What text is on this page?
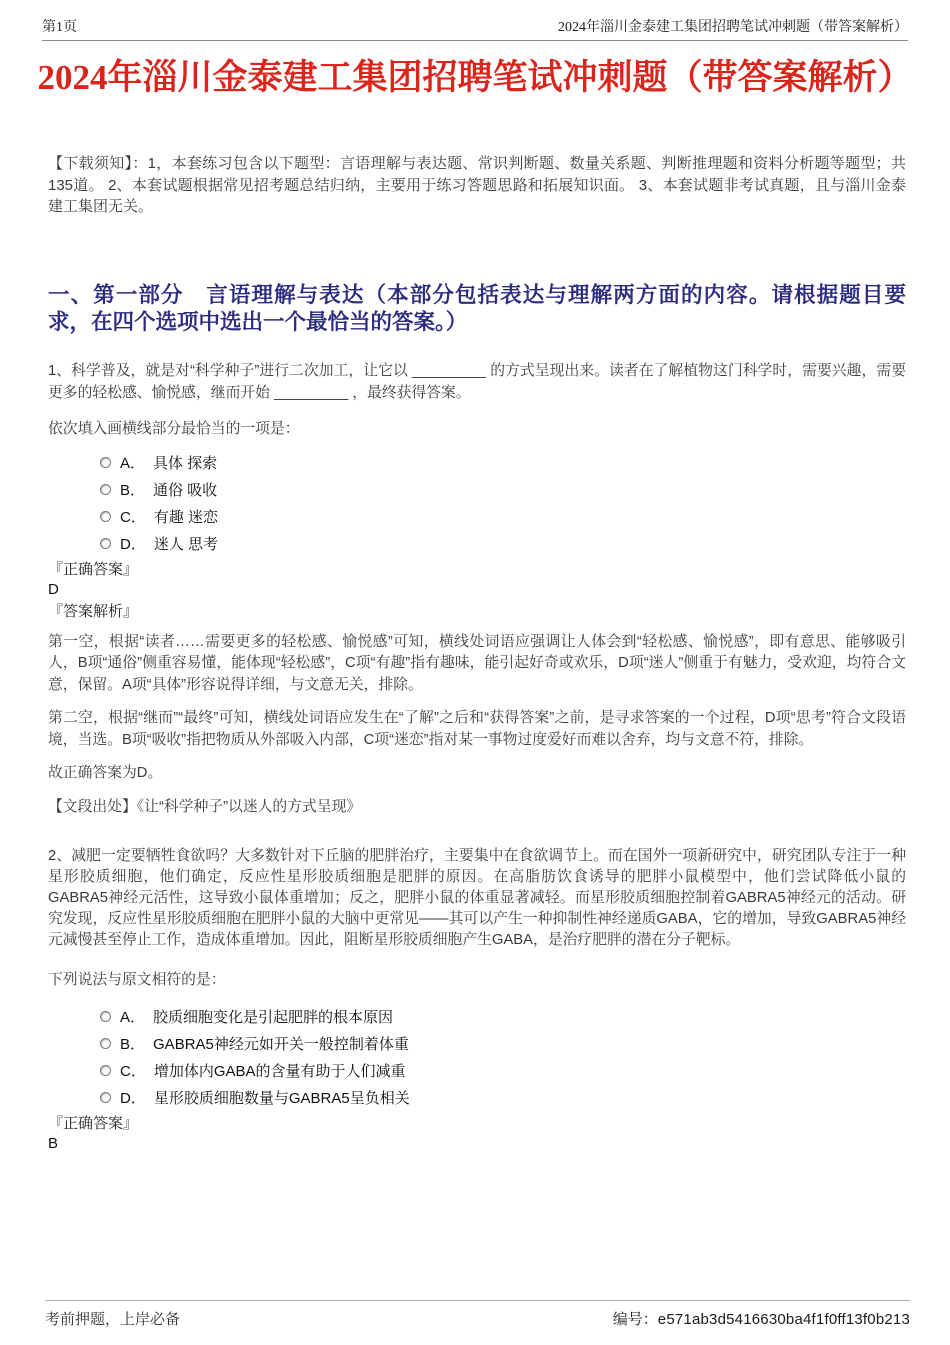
第1页	2024年淄川金泰建工集团招聘笔试冲刺题（带答案解析）
2024年淄川金泰建工集团招聘笔试冲刺题（带答案解析）

【下载须知】：1，本套练习包含以下题型：言语理解与表达题、常识判断题、数量关系题、判断推理题和资料分析题等题型；共135道。 2、本套试题根据常见招考题总结归纳，主要用于练习答题思路和拓展知识面。 3、本套试题非考试真题，且与淄川金泰建工集团无关。

一、第一部分　言语理解与表达（本部分包括表达与理解两方面的内容。请根据题目要求，在四个选项中选出一个最恰当的答案。）

1、科学普及，就是对“科学种子”进行二次加工，让它以 _________ 的方式呈现出来。读者在了解植物这门科学时，需要兴趣，需要更多的轻松感、愉悦感，继而开始 _________ ，最终获得答案。

依次填入画横线部分最恰当的一项是：

A． 具体 探索
B． 通俗 吸收
C． 有趣 迷恋
D． 迷人 思考

『正确答案』

D

『答案解析』

第一空，根据“读者……需要更多的轻松感、愉悦感”可知，横线处词语应强调让人体会到“轻松感、愉悦感”，即有意思、能够吸引人，B项“通俗”侧重容易懂，能体现“轻松感”，C项“有趣”指有趣味，能引起好奇或欢乐，D项“迷人”侧重于有魅力，受欢迎，均符合文意，保留。A项“具体”形容说得详细，与文意无关，排除。

第二空，根据“继而”“最终”可知，横线处词语应发生在“了解”之后和“获得答案”之前，是寻求答案的一个过程，D项“思考”符合文段语境，当选。B项“吸收”指把物质从外部吸入内部，C项“迷恋”指对某一事物过度爱好而难以舍弃，均与文意不符，排除。

故正确答案为D。

【文段出处】《让“科学种子”以迷人的方式呈现》

2、减肥一定要牺牲食欲吗？大多数针对下丘脑的肥胖治疗，主要集中在食欲调节上。而在国外一项新研究中，研究团队专注于一种星形胶质细胞，他们确定，反应性星形胶质细胞是肥胖的原因。在高脂肪饮食诱导的肥胖小鼠模型中，他们尝试降低小鼠的GABRA5神经元活性，这导致小鼠体重增加；反之，肥胖小鼠的体重显著减轻。而星形胶质细胞控制着GABRA5神经元的活动。研究发现，反应性星形胶质细胞在肥胖小鼠的大脑中更常见——其可以产生一种抑制性神经递质GABA，它的增加，导致GABRA5神经元减慢甚至停止工作，造成体重增加。因此，阻断星形胶质细胞产生GABA，是治疗肥胖的潜在分子靶标。

下列说法与原文相符的是：

A． 胶质细胞变化是引起肥胖的根本原因
B． GABRA5神经元如开关一般控制着体重
C． 增加体内GABA的含量有助于人们减重
D． 星形胶质细胞数量与GABRA5呈负相关

『正确答案』

B

考前押题，上岸必备	编号：e571ab3d5416630ba4f1f0ff13f0b213
